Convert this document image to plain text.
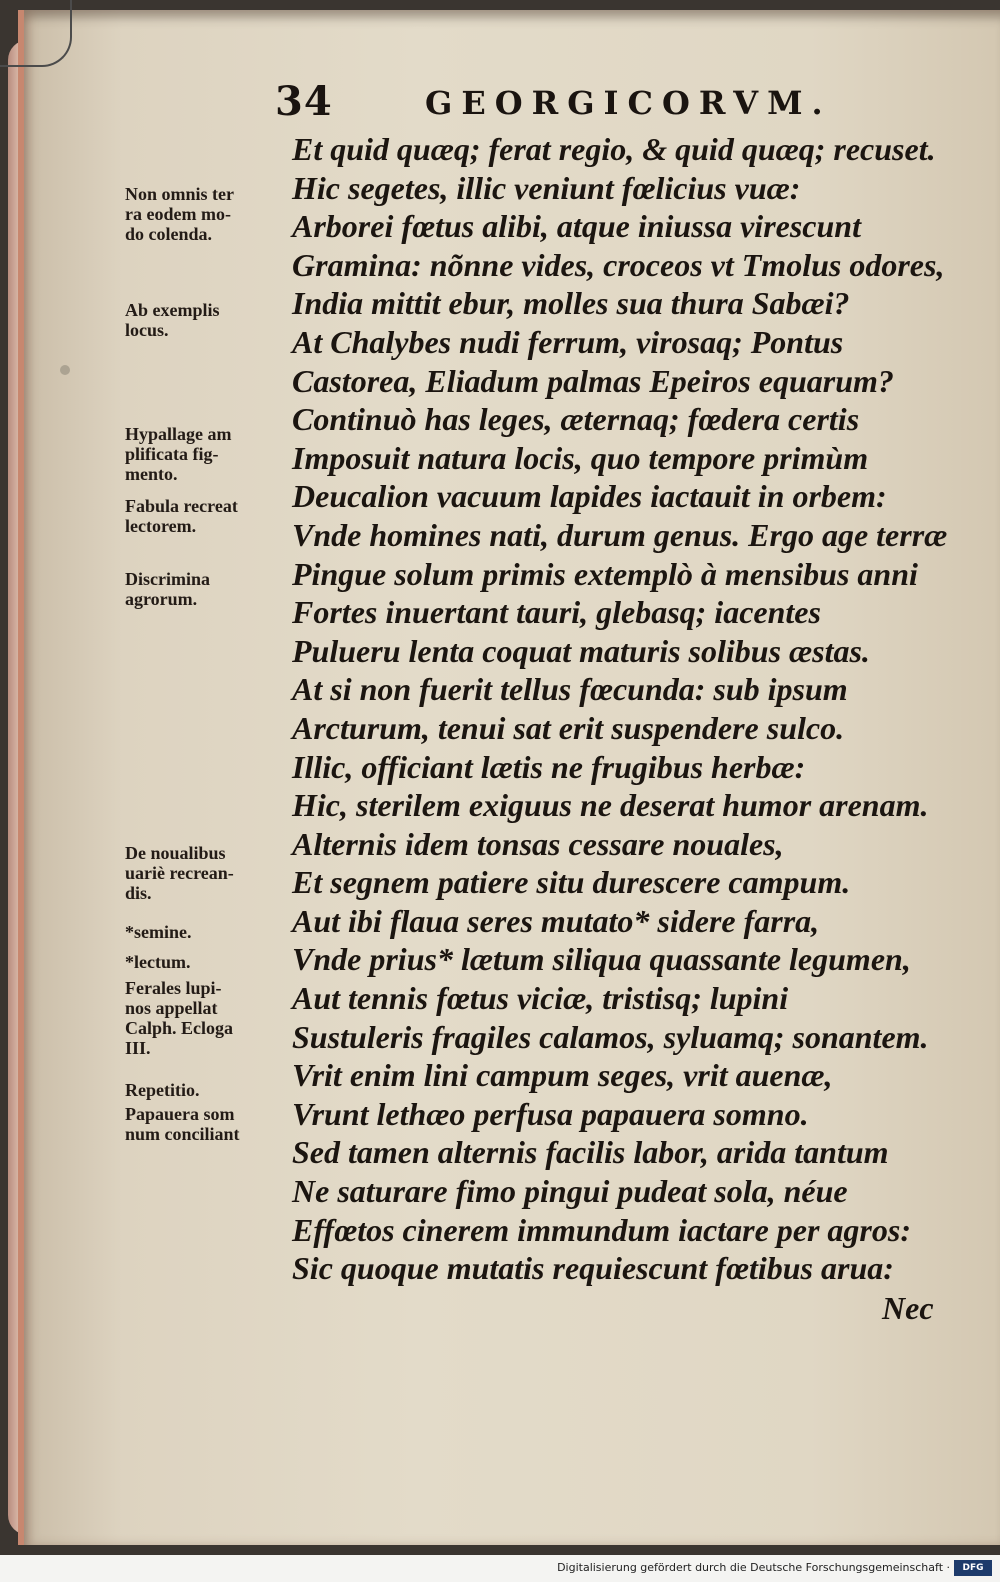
34	GEORGICORVM.
Et quid quæq; ferat regio, & quid quæq; recuset.
Hic segetes, illic veniunt fœlicius vuæ:
Arborei fœtus alibi, atque iniussa virescunt
Gramina: nõnne vides, croceos vt Tmolus odores,
India mittit ebur, molles sua thura Sabæi?
At Chalybes nudi ferrum, virosaq; Pontus
Castorea, Eliadum palmas Epeiros equarum?
Continuò has leges, æternaq; fœdera certis
Imposuit natura locis, quo tempore primùm
Deucalion vacuum lapides iactauit in orbem:
Vnde homines nati, durum genus. Ergo age terræ
Pingue solum primis extemplò à mensibus anni
Fortes inuertant tauri, glebasq; iacentes
Pulueru lenta coquat maturis solibus æstas.
At si non fuerit tellus fœcunda: sub ipsum
Arcturum, tenui sat erit suspendere sulco.
Illic, officiant lætis ne frugibus herbæ:
Hic, sterilem exiguus ne deserat humor arenam.
Alternis idem tonsas cessare nouales,
Et segnem patiere situ durescere campum.
Aut ibi flaua seres mutato* sidere farra,
Vnde prius* lætum siliqua quassante legumen,
Aut tennis fœtus viciæ, tristisq; lupini
Sustuleris fragiles calamos, syluamq; sonantem.
Vrit enim lini campum seges, vrit auenæ,
Vrunt lethæo perfusa papauera somno.
Sed tamen alternis facilis labor, arida tantum
Ne saturare fimo pingui pudeat sola, néue
Effœtos cinerem immundum iactare per agros:
Sic quoque mutatis requiescunt fœtibus arua:
Nec
Non omnis ter
ra eodem mo-
do colenda.
Ab exemplis
locus.
Hypallage am
plificata fig-
mento.
Fabula recreat
lectorem.
Discrimina
agrorum.
De noualibus
uariè recrean-
dis.
*semine.
*lectum.
Ferales lupi-
nos appellat
Calph. Ecloga
III.
Repetitio.
Papauera som
num conciliant
Digitalisierung gefördert durch die Deutsche Forschungsgemeinschaft ·	DFG
